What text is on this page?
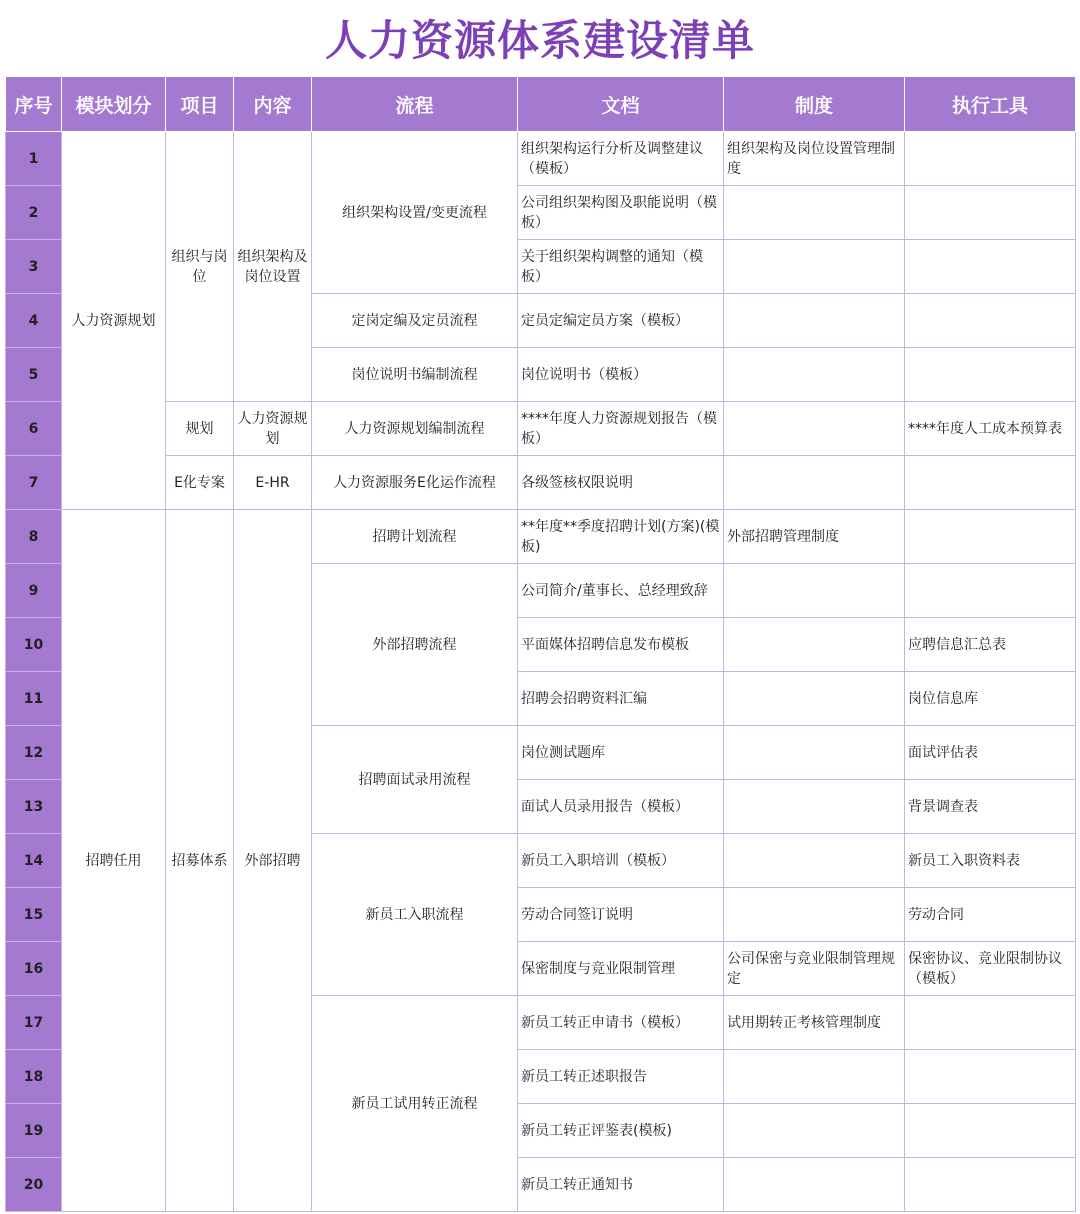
人力资源体系建设清单
序号	模块划分	项目	内容	流程	文档	制度	执行工具
1	人力资源规划	组织与岗位	组织架构及岗位设置	组织架构设置/变更流程	组织架构运行分析及调整建议（模板）	组织架构及岗位设置管理制度	
2					公司组织架构图及职能说明（模板）		
3					关于组织架构调整的通知（模板）		
4				定岗定编及定员流程	定员定编定员方案（模板）		
5				岗位说明书编制流程	岗位说明书（模板）		
6		规划	人力资源规划	人力资源规划编制流程	****年度人力资源规划报告（模板）		****年度人工成本预算表
7		E化专案	E-HR	人力资源服务E化运作流程	各级签核权限说明		
8	招聘任用	招募体系	外部招聘	招聘计划流程	**年度**季度招聘计划(方案)(模板)	外部招聘管理制度	
9				外部招聘流程	公司简介/董事长、总经理致辞		
10					平面媒体招聘信息发布模板		应聘信息汇总表
11					招聘会招聘资料汇编		岗位信息库
12				招聘面试录用流程	岗位测试题库		面试评估表
13					面试人员录用报告（模板）		背景调查表
14				新员工入职流程	新员工入职培训（模板）		新员工入职资料表
15					劳动合同签订说明		劳动合同
16					保密制度与竞业限制管理	公司保密与竞业限制管理规定	保密协议、竞业限制协议（模板）
17				新员工试用转正流程	新员工转正申请书（模板）	试用期转正考核管理制度	
18					新员工转正述职报告		
19					新员工转正评鉴表(模板)		
20					新员工转正通知书		
